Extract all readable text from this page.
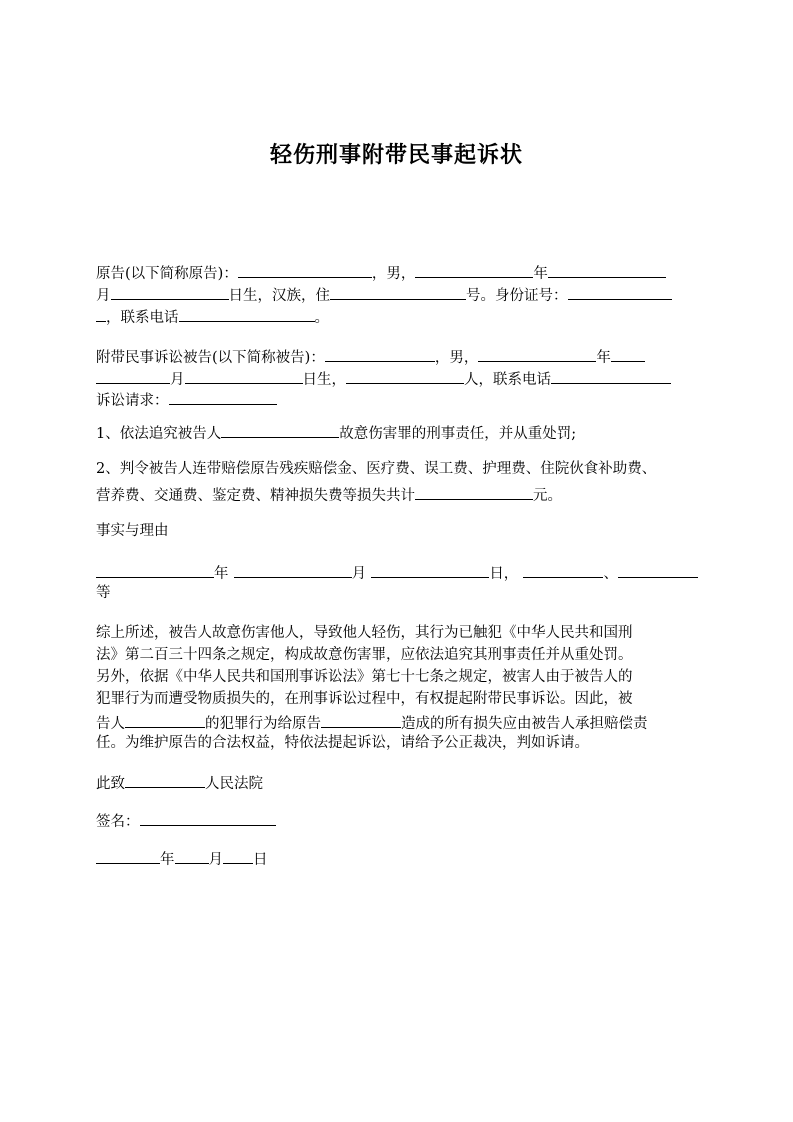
轻伤刑事附带民事起诉状
原告(以下简称原告)：	，男，	年
月	日生，汉族，住	号。身份证号：
，联系电话	。
附带民事诉讼被告(以下简称被告)：	，男，	年
月	日生，	人，联系电话
诉讼请求：
1、依法追究被告人	故意伤害罪的刑事责任，并从重处罚;
2、判令被告人连带赔偿原告残疾赔偿金、医疗费、误工费、护理费、住院伙食补助费、
营养费、交通费、鉴定费、精神损失费等损失共计	元。
事实与理由
年	月	日，	、
等
综上所述，被告人故意伤害他人，导致他人轻伤，其行为已触犯《中华人民共和国刑
法》第二百三十四条之规定，构成故意伤害罪，应依法追究其刑事责任并从重处罚。
另外，依据《中华人民共和国刑事诉讼法》第七十七条之规定，被害人由于被告人的
犯罪行为而遭受物质损失的，在刑事诉讼过程中，有权提起附带民事诉讼。因此，被
告人	的犯罪行为给原告	造成的所有损失应由被告人承担赔偿责
任。为维护原告的合法权益，特依法提起诉讼，请给予公正裁决，判如诉请。
此致	人民法院
签名：
年 月 日
